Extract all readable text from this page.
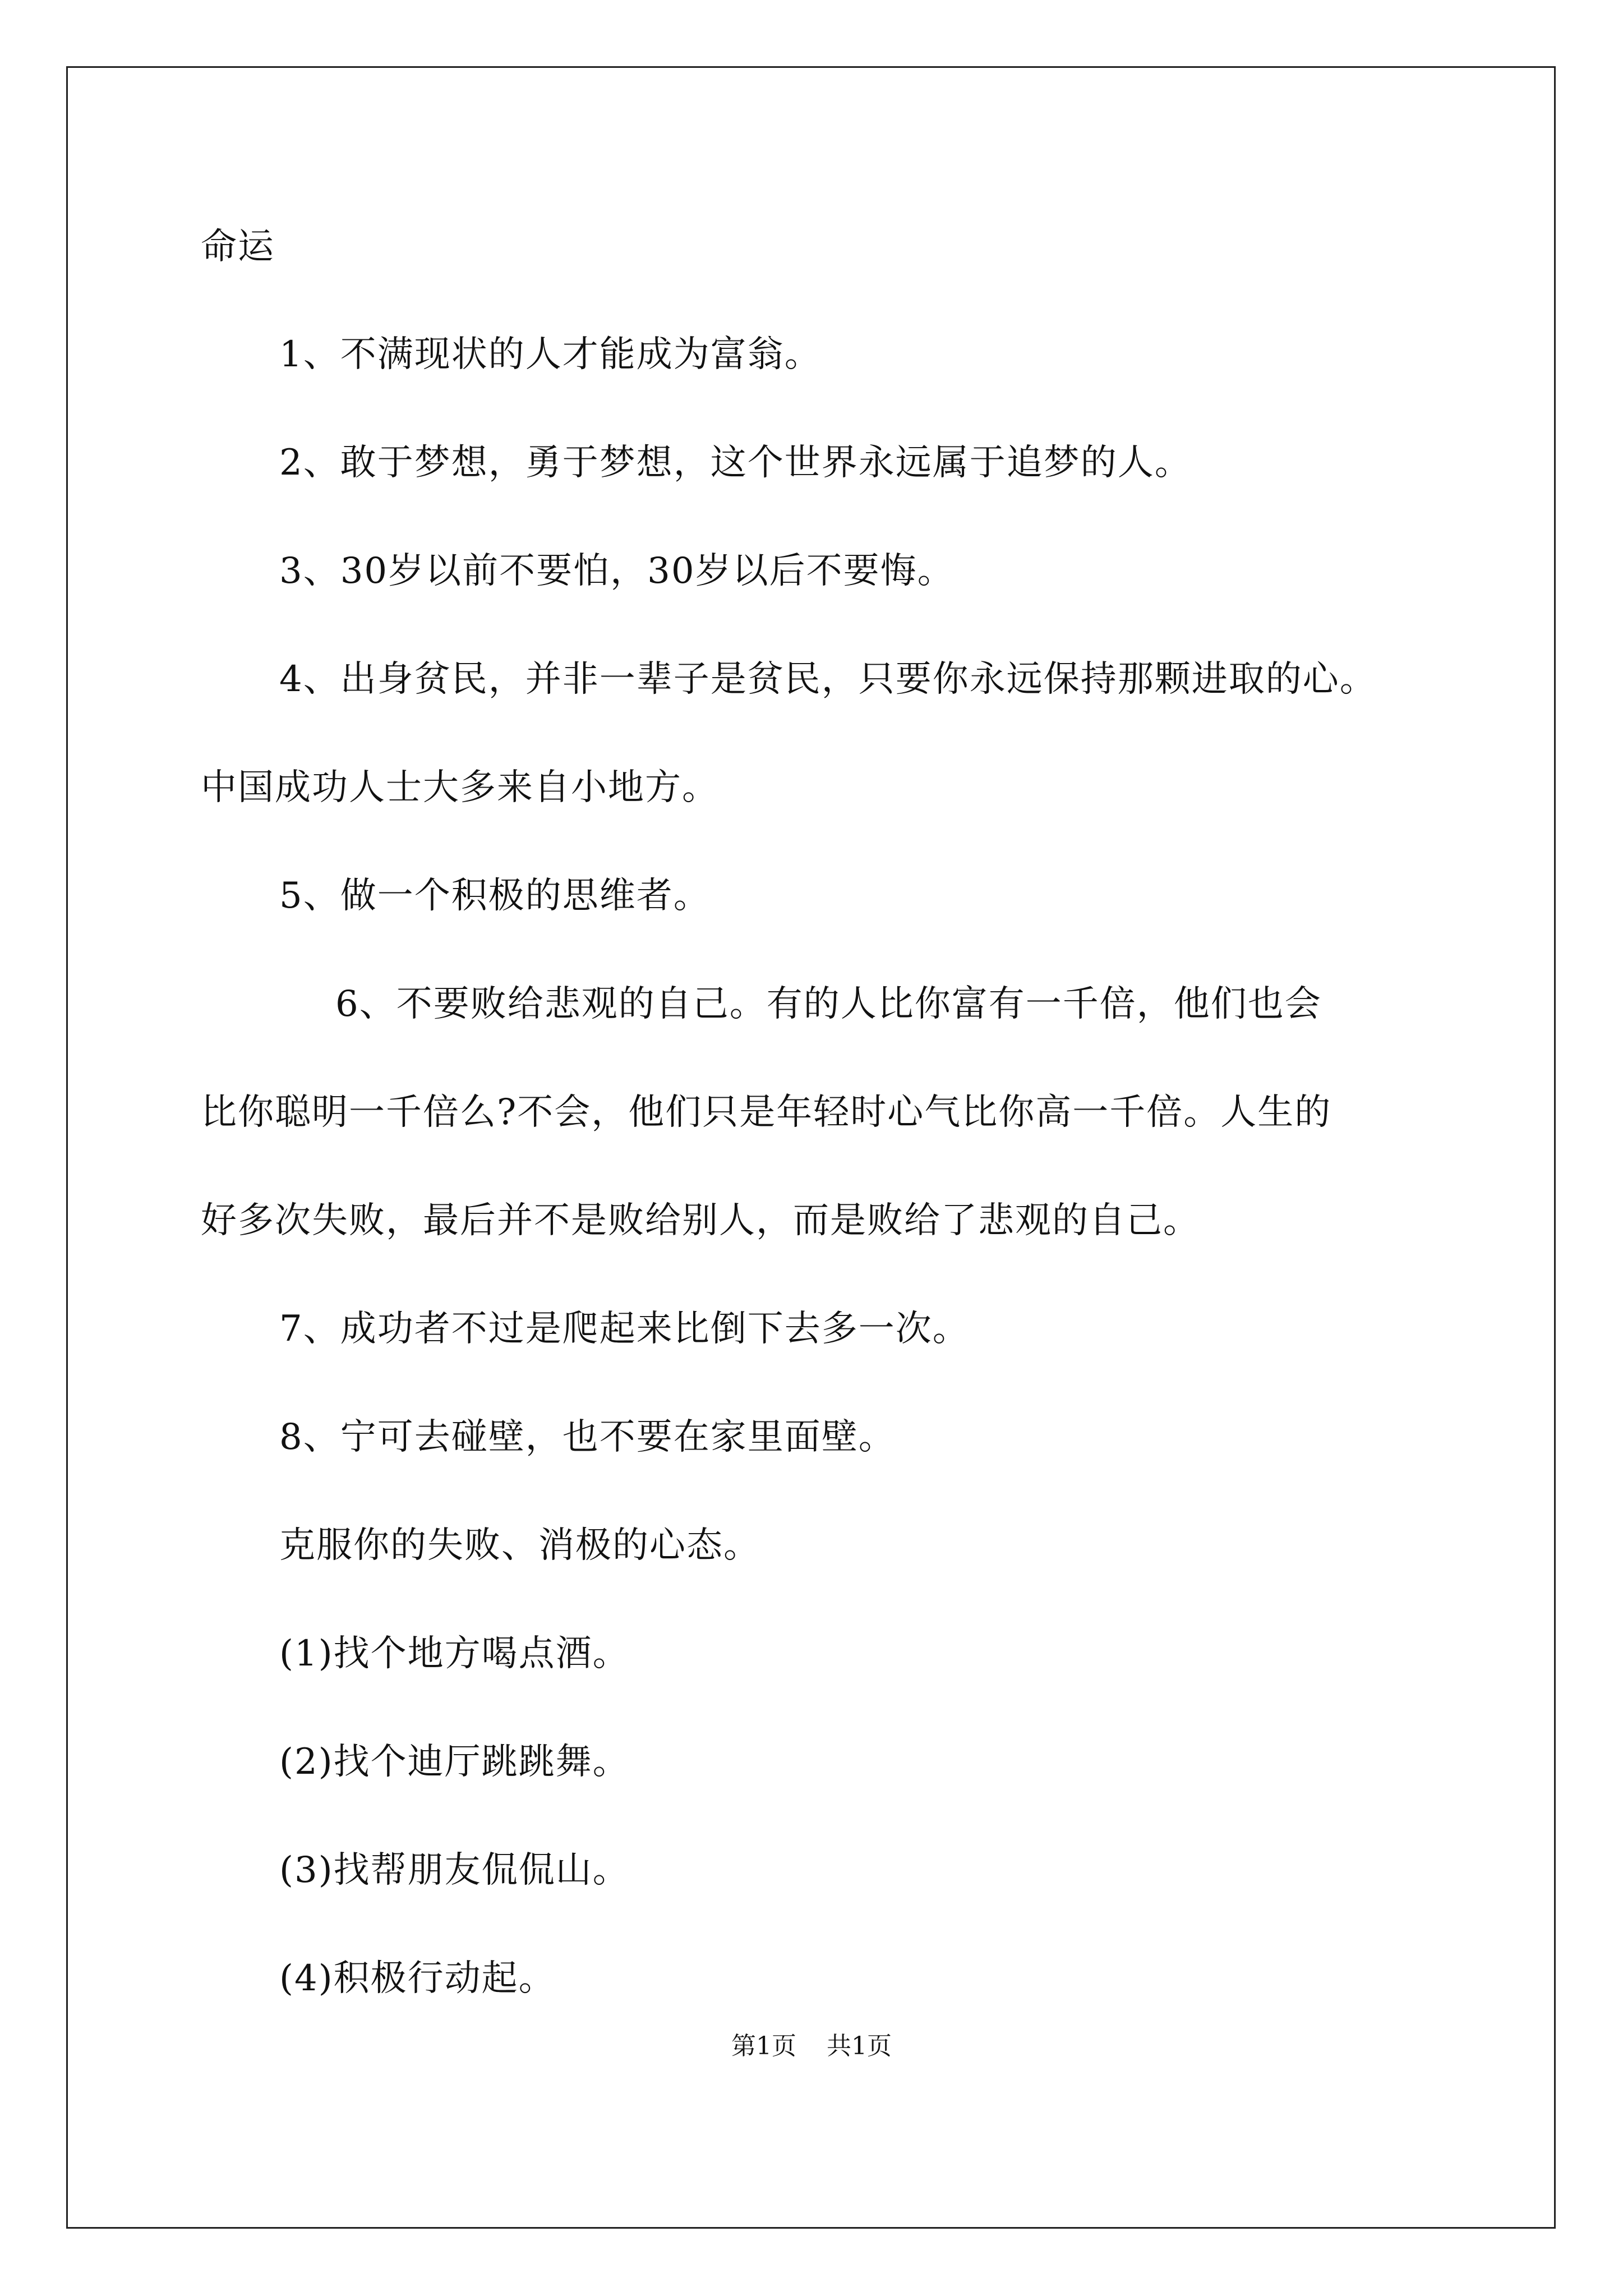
命运
1、不满现状的人才能成为富翁。
2、敢于梦想，勇于梦想，这个世界永远属于追梦的人。
3、30岁以前不要怕，30岁以后不要悔。
4、出身贫民，并非一辈子是贫民，只要你永远保持那颗进取的心。
中国成功人士大多来自小地方。
5、做一个积极的思维者。
6、不要败给悲观的自己。有的人比你富有一千倍，他们也会
比你聪明一千倍么?不会，他们只是年轻时心气比你高一千倍。人生的
好多次失败，最后并不是败给别人，而是败给了悲观的自己。
7、成功者不过是爬起来比倒下去多一次。
8、宁可去碰壁，也不要在家里面壁。
克服你的失败、消极的心态。
(1)找个地方喝点酒。
(2)找个迪厅跳跳舞。
(3)找帮朋友侃侃山。
(4)积极行动起。
第1页 共1页
